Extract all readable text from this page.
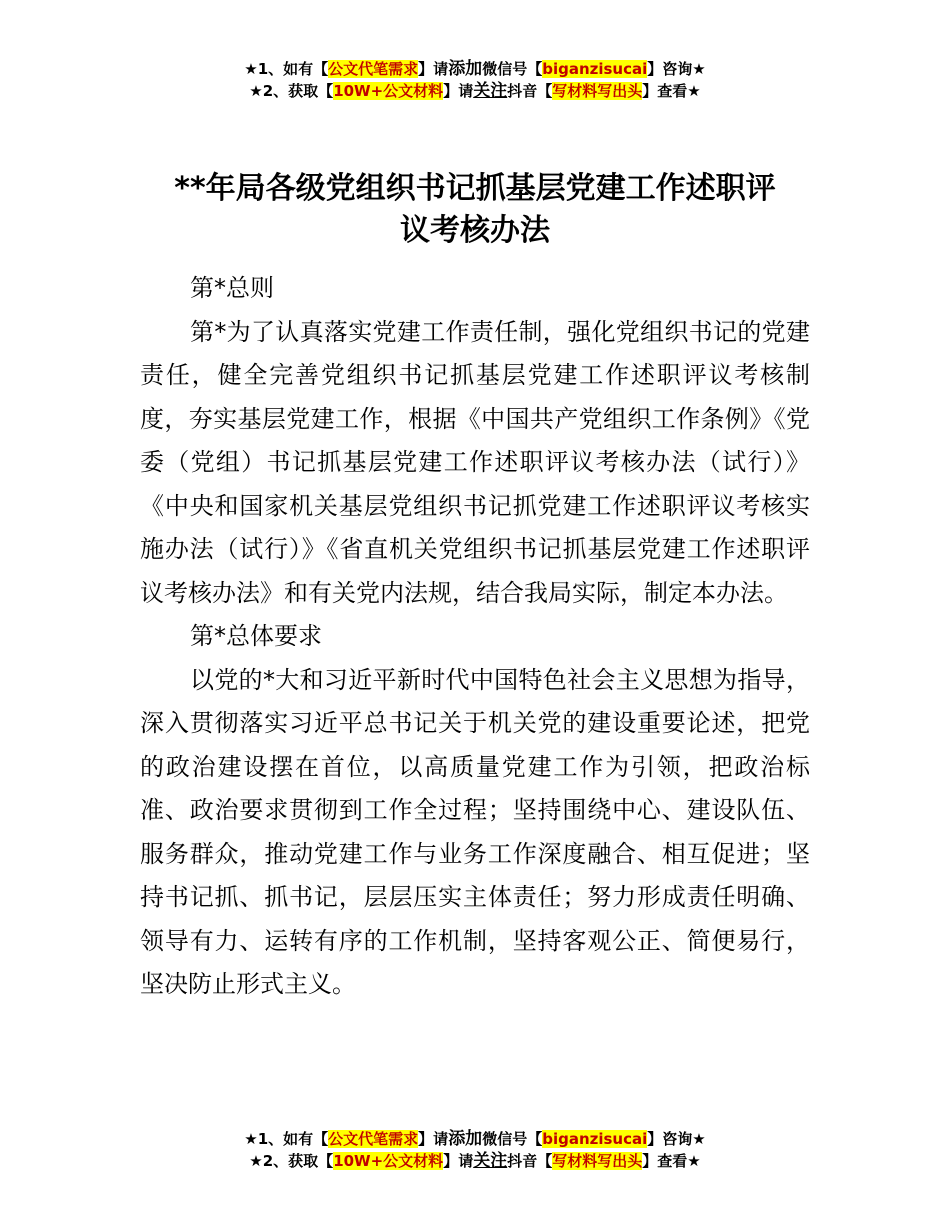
★1、如有【公文代笔需求】请添加微信号【biganzisucai】咨询★
★2、获取【10W+公文材料】请关注抖音【写材料写出头】查看★
**年局各级党组织书记抓基层党建工作述职评
议考核办法

第*总则

第*为了认真落实党建工作责任制，强化党组织书记的党建责任，健全完善党组织书记抓基层党建工作述职评议考核制度，夯实基层党建工作，根据《中国共产党组织工作条例》《党委（党组）书记抓基层党建工作述职评议考核办法（试行）》《中央和国家机关基层党组织书记抓党建工作述职评议考核实施办法（试行）》《省直机关党组织书记抓基层党建工作述职评议考核办法》和有关党内法规，结合我局实际，制定本办法。

第*总体要求

以党的*大和习近平新时代中国特色社会主义思想为指导，深入贯彻落实习近平总书记关于机关党的建设重要论述，把党的政治建设摆在首位，以高质量党建工作为引领，把政治标准、政治要求贯彻到工作全过程；坚持围绕中心、建设队伍、服务群众，推动党建工作与业务工作深度融合、相互促进；坚持书记抓、抓书记，层层压实主体责任；努力形成责任明确、领导有力、运转有序的工作机制，坚持客观公正、简便易行，坚决防止形式主义。

★1、如有【公文代笔需求】请添加微信号【biganzisucai】咨询★
★2、获取【10W+公文材料】请关注抖音【写材料写出头】查看★
